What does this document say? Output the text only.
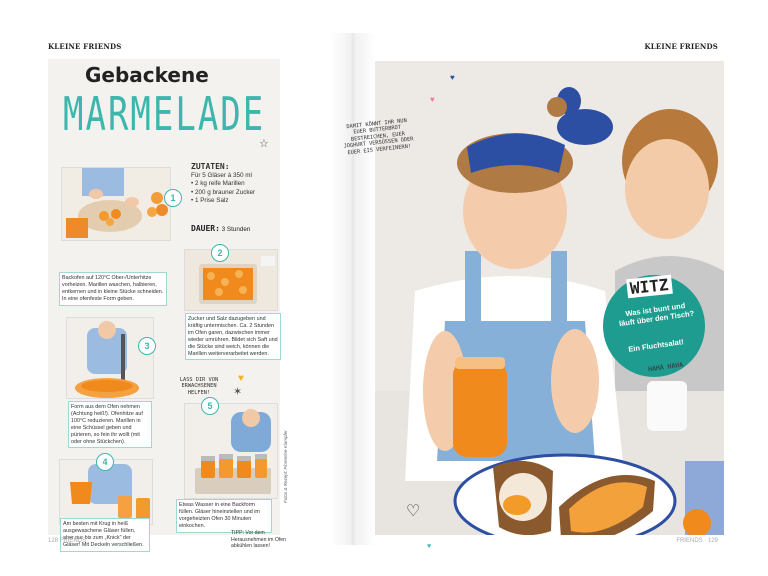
KLEINE FRIENDS	KLEINE FRIENDS
Gebackene
MARMELADE
☆
ZUTATEN:
Für 5 Gläser à 350 ml
• 2 kg reife Marillen
• 200 g brauner Zucker
• 1 Prise Salz
DAUER: 3 Stunden
1
Backofen auf 120°C Ober-/Unterhitze vorheizen. Marillen waschen, halbieren, entkernen und in kleine Stücke schneiden. In eine ofenfeste Form geben.
2
Zucker und Salz dazugeben und kräftig untermischen. Ca. 2 Stunden im Ofen garen, dazwischen immer wieder umrühren. Bildet sich Saft und die Stücke sind weich, können die Marillen weiterverarbeitet werden.
3
Form aus dem Ofen nehmen (Achtung heiß!). Ofenhitze auf 100°C reduzieren. Marillen in eine Schüssel geben und pürieren, so fein ihr wollt (mit oder ohne Stückchen).
LASS DIR VON ERWACHSENEN HELFEN!
♥
✶
5
Etwas Wasser in eine Backform füllen. Gläser hineinstellen und im vorgeheizten Ofen 30 Minuten einkochen.
4
Am besten mit Krug in heiß ausgewaschene Gläser füllen, aber nur bis zum „Knick" der Gläser! Mit Deckeln verschließen.
TIPP: Vor dem Herausnehmen im Ofen abkühlen lassen!
Fotos & Rezept: Florentine Klampfer
♥
♥
♡
♥
DAMIT KÖNNT IHR NUN EUER BUTTERBROT BESTREICHEN, EUER JOGHURT VERSÜSSEN ODER EUER EIS VERFEINERN!
WITZ
Was ist bunt und läuft über den Tisch?
Ein Fluchtsalat!
HAHA HAHA
128 FRIENDS	FRIENDS · 129
